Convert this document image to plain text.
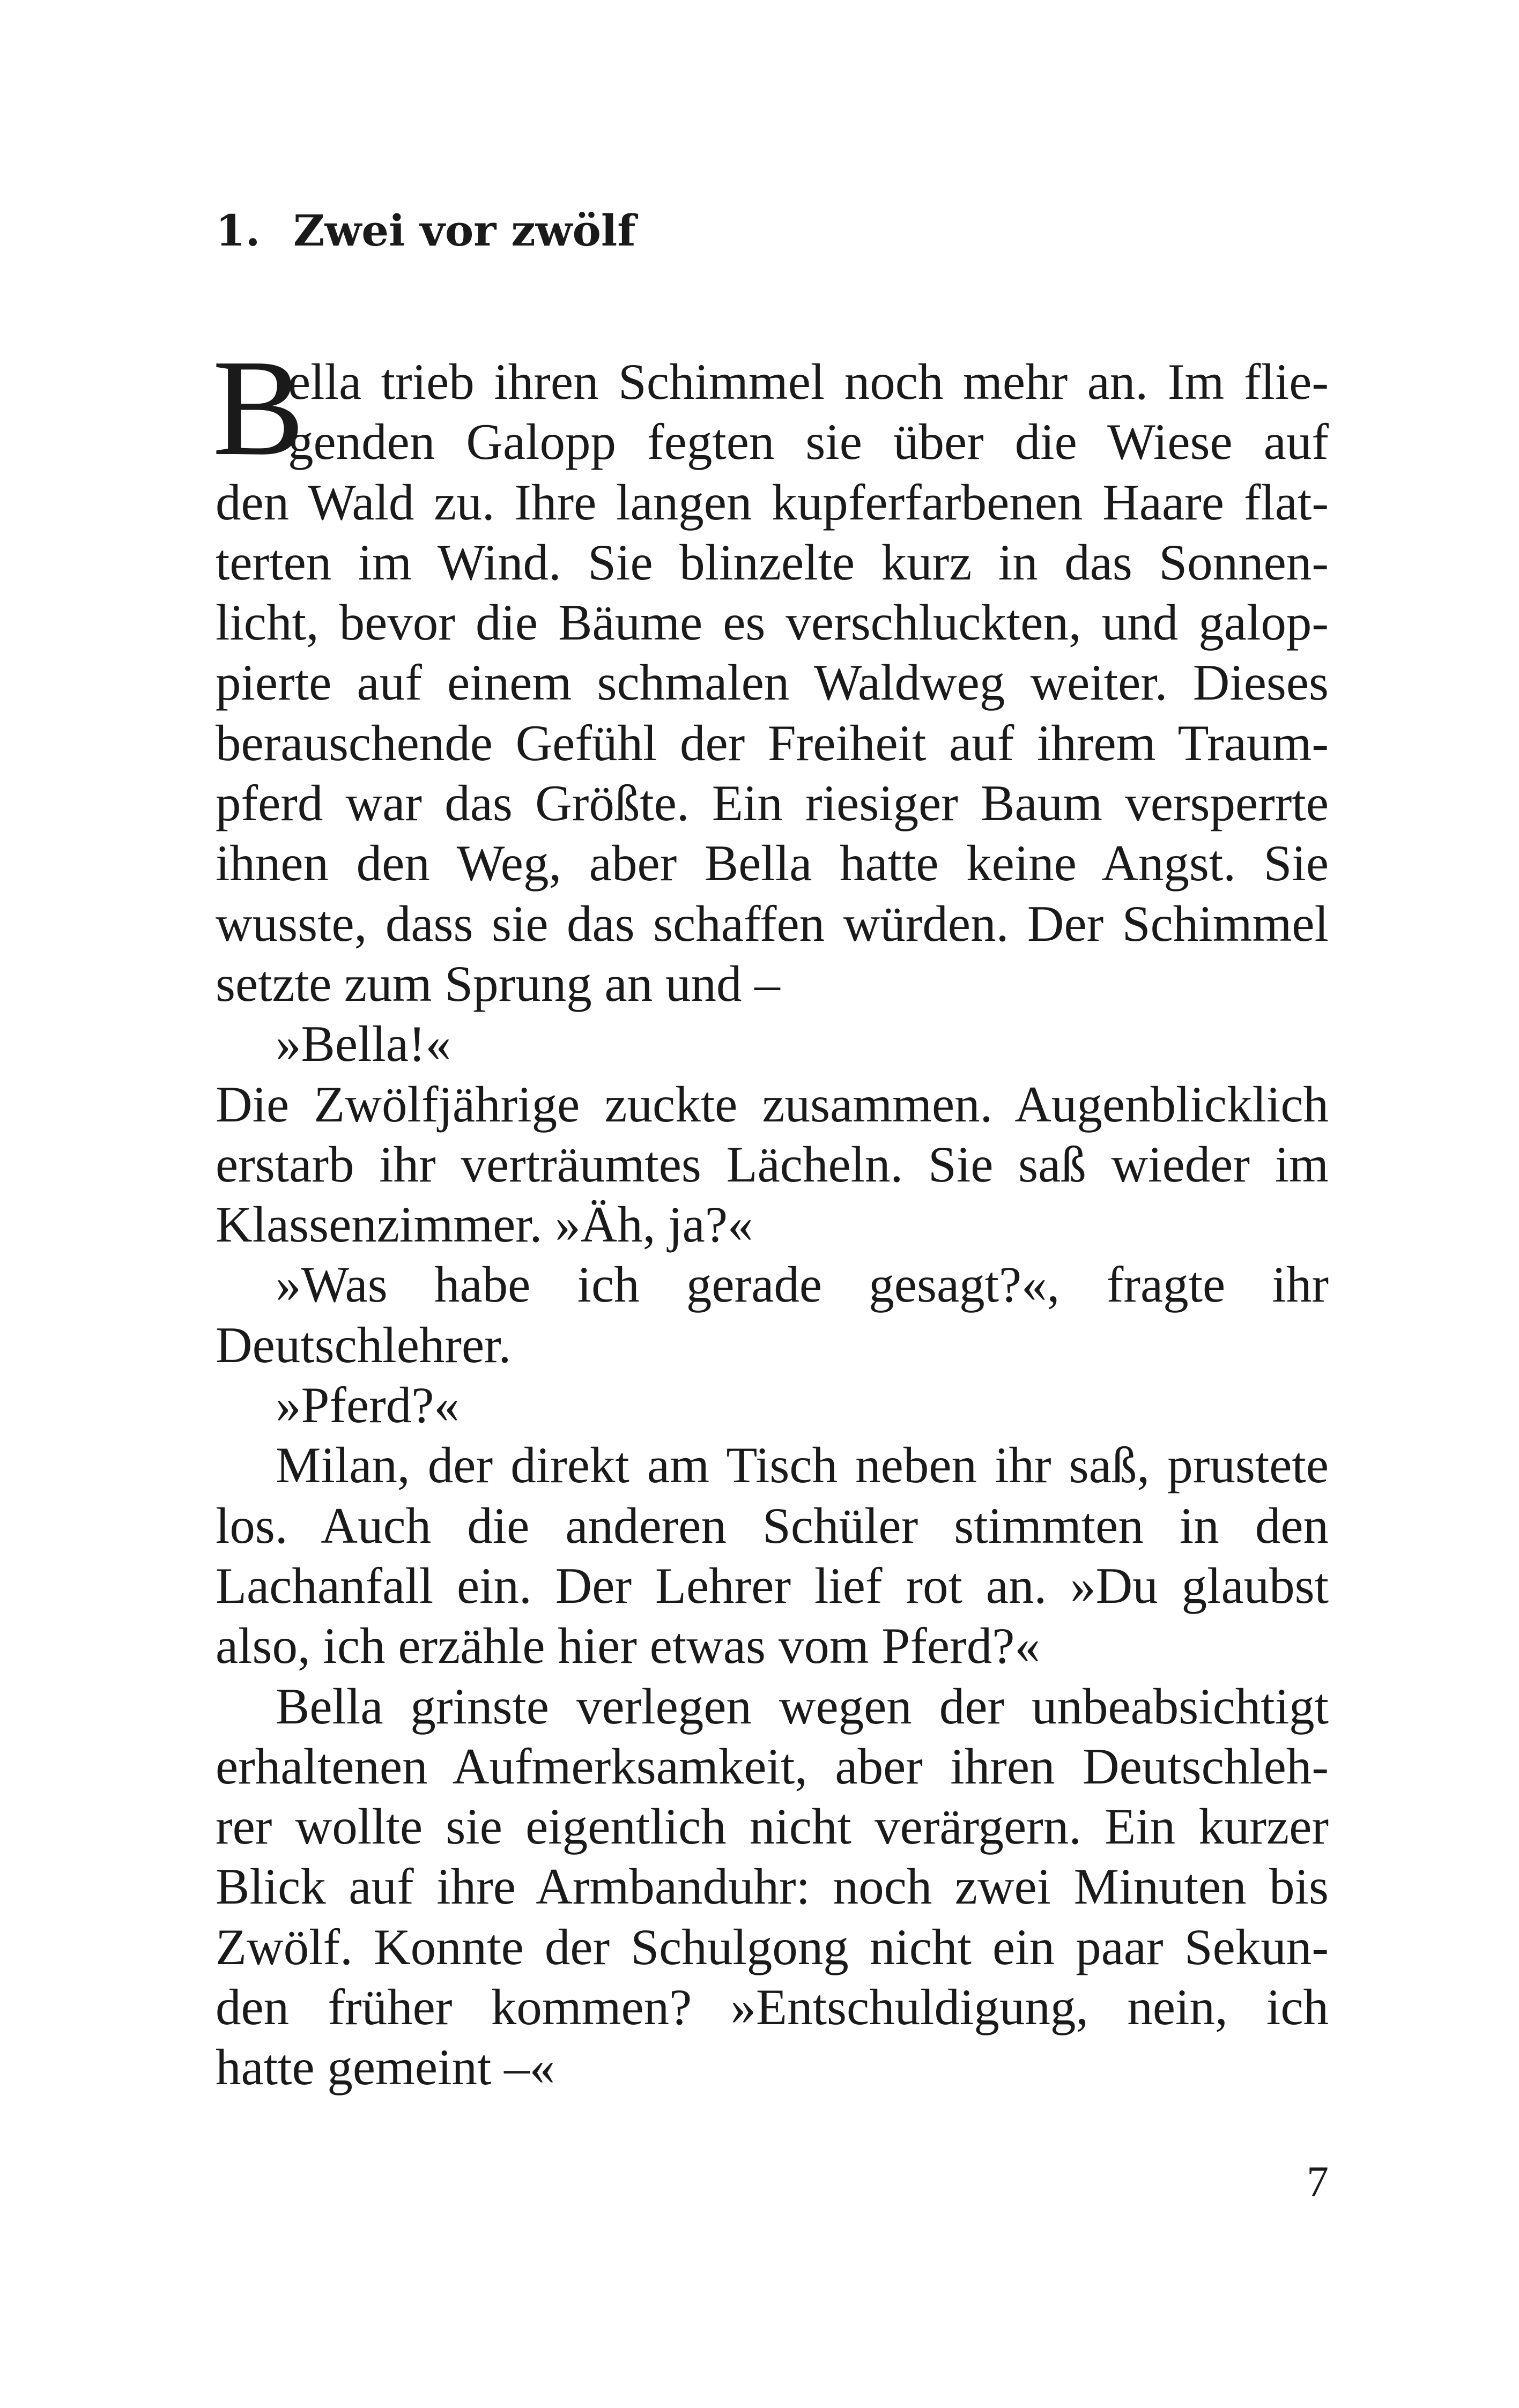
1. Zwei vor zwölf
B
ella trieb ihren Schimmel noch mehr an. Im flie-
genden Galopp fegten sie über die Wiese auf
den Wald zu. Ihre langen kupferfarbenen Haare flat-
terten im Wind. Sie blinzelte kurz in das Sonnen-
licht, bevor die Bäume es verschluckten, und galop-
pierte auf einem schmalen Waldweg weiter. Dieses
berauschende Gefühl der Freiheit auf ihrem Traum-
pferd war das Größte. Ein riesiger Baum versperrte
ihnen den Weg, aber Bella hatte keine Angst. Sie
wusste, dass sie das schaffen würden. Der Schimmel
setzte zum Sprung an und –
»Bella!«
Die Zwölfjährige zuckte zusammen. Augenblicklich
erstarb ihr verträumtes Lächeln. Sie saß wieder im
Klassenzimmer. »Äh, ja?«
»Was habe ich gerade gesagt?«, fragte ihr
Deutschlehrer.
»Pferd?«
Milan, der direkt am Tisch neben ihr saß, prustete
los. Auch die anderen Schüler stimmten in den
Lachanfall ein. Der Lehrer lief rot an. »Du glaubst
also, ich erzähle hier etwas vom Pferd?«
Bella grinste verlegen wegen der unbeabsichtigt
erhaltenen Aufmerksamkeit, aber ihren Deutschleh-
rer wollte sie eigentlich nicht verärgern. Ein kurzer
Blick auf ihre Armbanduhr: noch zwei Minuten bis
Zwölf. Konnte der Schulgong nicht ein paar Sekun-
den früher kommen? »Entschuldigung, nein, ich
hatte gemeint –«
7
